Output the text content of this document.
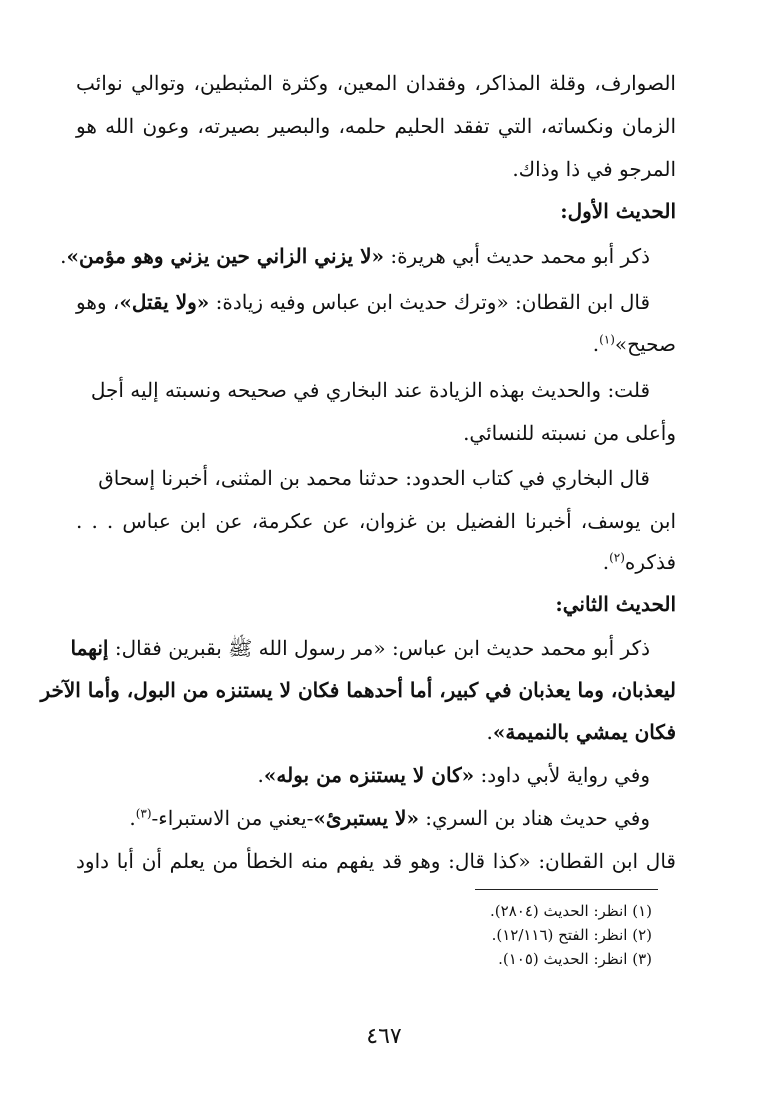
الصوارف، وقلة المذاكر، وفقدان المعين، وكثرة المثبطين، وتوالي نوائب
الزمان ونكساته، التي تفقد الحليم حلمه، والبصير بصيرته، وعون الله هو
المرجو في ذا وذاك.
الحديث الأول:
ذكر أبو محمد حديث أبي هريرة: «لا يزني الزاني حين يزني وهو مؤمن».
قال ابن القطان: «وترك حديث ابن عباس وفيه زيادة: «ولا يقتل»، وهو
صحيح»$^{(١)}$.
قلت: والحديث بهذه الزيادة عند البخاري في صحيحه ونسبته إليه أجل
وأعلى من نسبته للنسائي.
قال البخاري في كتاب الحدود: حدثنا محمد بن المثنى، أخبرنا إسحاق
ابن يوسف، أخبرنا الفضيل بن غزوان، عن عكرمة، عن ابن عباس . . .
فذكره$^{(٢)}$.
الحديث الثاني:
ذكر أبو محمد حديث ابن عباس: «مر رسول الله ﷺ بقبرين فقال: إنهما
ليعذبان، وما يعذبان في كبير، أما أحدهما فكان لا يستنزه من البول، وأما الآخر
فكان يمشي بالنميمة».
وفي رواية لأبي داود: «كان لا يستنزه من بوله».
وفي حديث هناد بن السري: «لا يستبرئ»-يعني من الاستبراء-$^{(٣)}$.
قال ابن القطان: «كذا قال: وهو قد يفهم منه الخطأ من يعلم أن أبا داود
(١) انظر: الحديث (٢٨٠٤).
(٢) انظر: الفتح (١٢/١١٦).
(٣) انظر: الحديث (١٠٥).
٤٦٧
